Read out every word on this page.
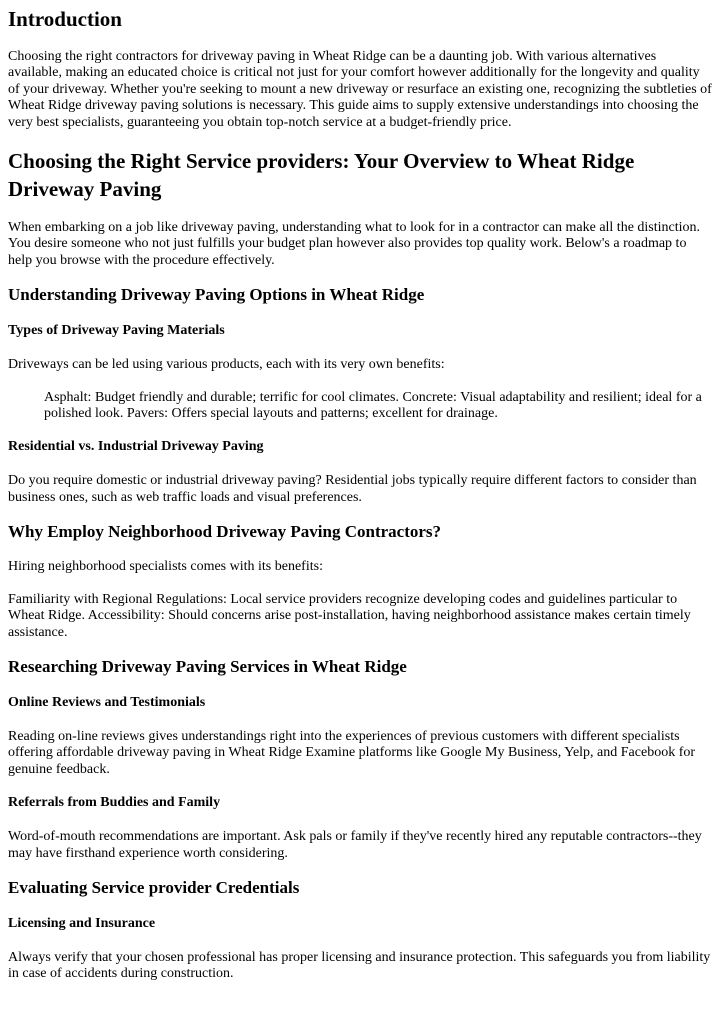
Introduction

Choosing the right contractors for driveway paving in Wheat Ridge can be a daunting job. With various alternatives available, making an educated choice is critical not just for your comfort however additionally for the longevity and quality of your driveway. Whether you're seeking to mount a new driveway or resurface an existing one, recognizing the subtleties of Wheat Ridge driveway paving solutions is necessary. This guide aims to supply extensive understandings into choosing the very best specialists, guaranteeing you obtain top-notch service at a budget-friendly price.

Choosing the Right Service providers: Your Overview to Wheat Ridge Driveway Paving

When embarking on a job like driveway paving, understanding what to look for in a contractor can make all the distinction. You desire someone who not just fulfills your budget plan however also provides top quality work. Below's a roadmap to help you browse with the procedure effectively.

Understanding Driveway Paving Options in Wheat Ridge
Types of Driveway Paving Materials

Driveways can be led using various products, each with its very own benefits:

Asphalt: Budget friendly and durable; terrific for cool climates. Concrete: Visual adaptability and resilient; ideal for a polished look. Pavers: Offers special layouts and patterns; excellent for drainage.
Residential vs. Industrial Driveway Paving

Do you require domestic or industrial driveway paving? Residential jobs typically require different factors to consider than business ones, such as web traffic loads and visual preferences.

Why Employ Neighborhood Driveway Paving Contractors?

Hiring neighborhood specialists comes with its benefits:

Familiarity with Regional Regulations: Local service providers recognize developing codes and guidelines particular to Wheat Ridge. Accessibility: Should concerns arise post-installation, having neighborhood assistance makes certain timely assistance.

Researching Driveway Paving Services in Wheat Ridge
Online Reviews and Testimonials

Reading on-line reviews gives understandings right into the experiences of previous customers with different specialists offering affordable driveway paving in Wheat Ridge Examine platforms like Google My Business, Yelp, and Facebook for genuine feedback.

Referrals from Buddies and Family

Word-of-mouth recommendations are important. Ask pals or family if they've recently hired any reputable contractors--they may have firsthand experience worth considering.

Evaluating Service provider Credentials
Licensing and Insurance

Always verify that your chosen professional has proper licensing and insurance protection. This safeguards you from liability in case of accidents during construction.
